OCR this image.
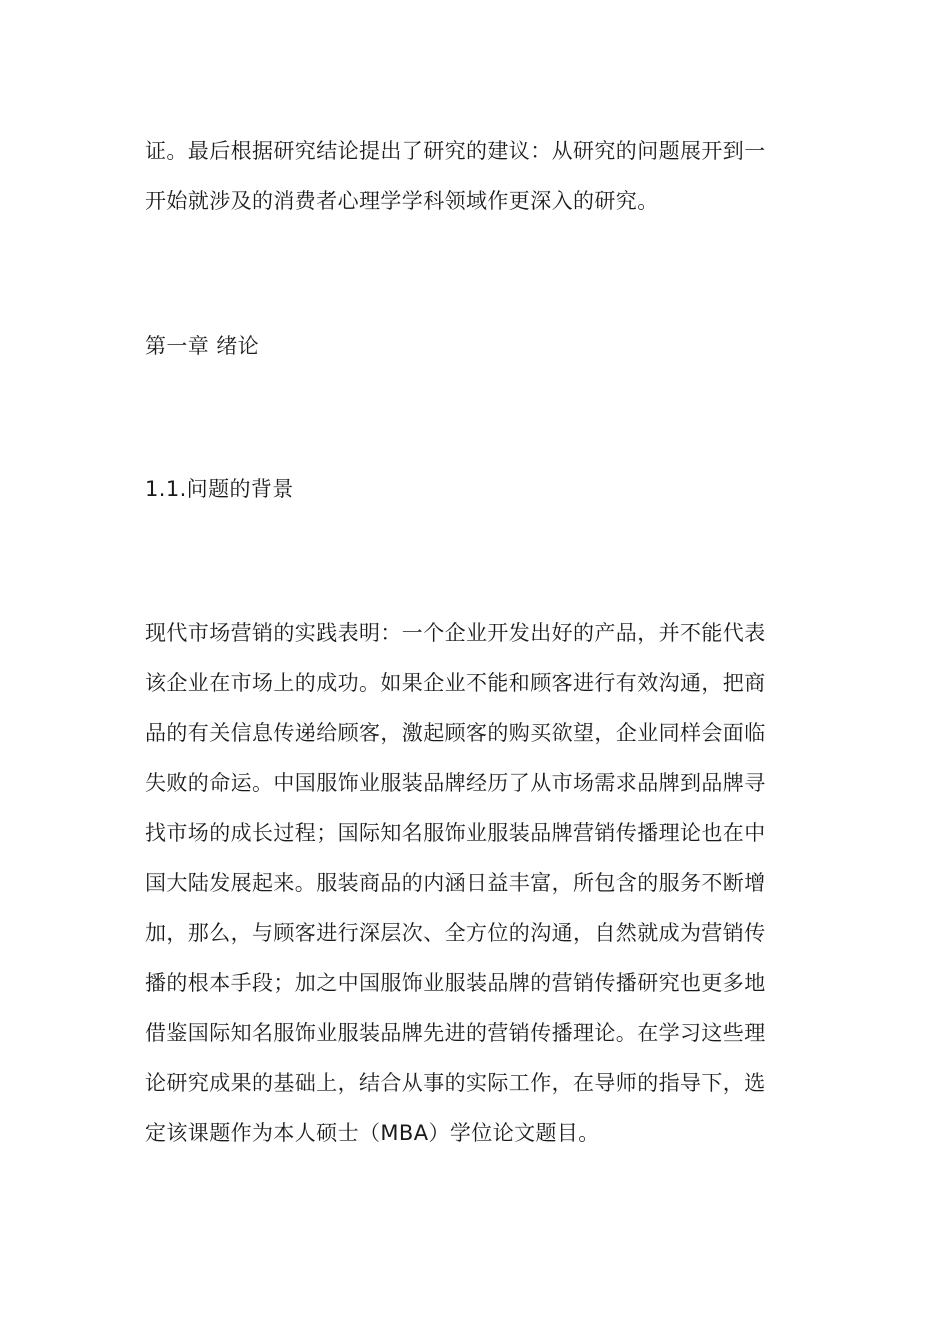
证。最后根据研究结论提出了研究的建议：从研究的问题展开到一
开始就涉及的消费者心理学学科领域作更深入的研究。
第一章 绪论
1.1.问题的背景
现代市场营销的实践表明：一个企业开发出好的产品，并不能代表
该企业在市场上的成功。如果企业不能和顾客进行有效沟通，把商
品的有关信息传递给顾客，激起顾客的购买欲望，企业同样会面临
失败的命运。中国服饰业服装品牌经历了从市场需求品牌到品牌寻
找市场的成长过程；国际知名服饰业服装品牌营销传播理论也在中
国大陆发展起来。服装商品的内涵日益丰富，所包含的服务不断增
加，那么，与顾客进行深层次、全方位的沟通，自然就成为营销传
播的根本手段；加之中国服饰业服装品牌的营销传播研究也更多地
借鉴国际知名服饰业服装品牌先进的营销传播理论。在学习这些理
论研究成果的基础上，结合从事的实际工作，在导师的指导下，选
定该课题作为本人硕士（MBA）学位论文题目。
